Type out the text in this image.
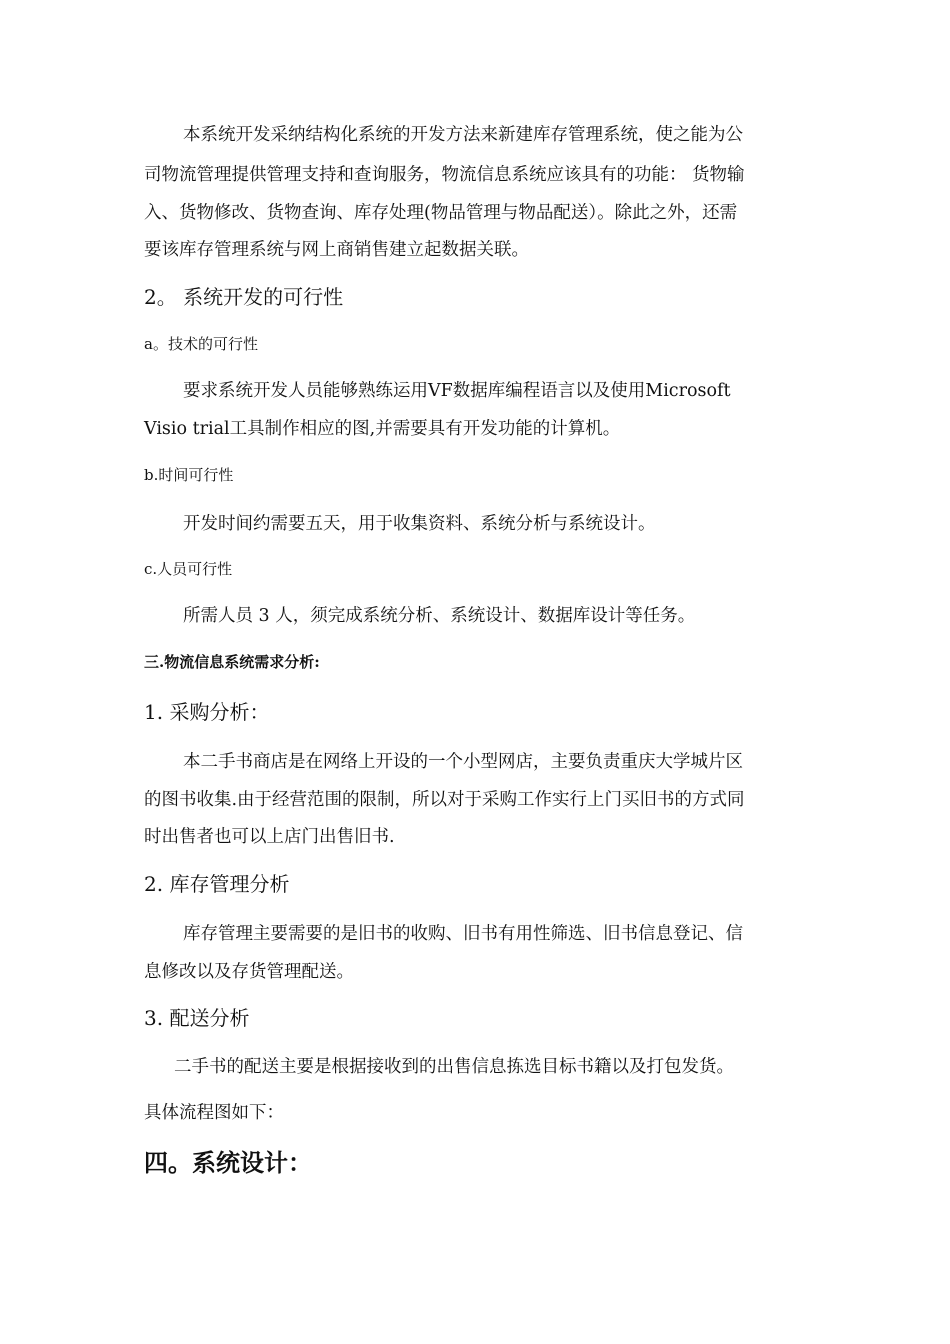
本系统开发采纳结构化系统的开发方法来新建库存管理系统，使之能为公
司物流管理提供管理支持和查询服务，物流信息系统应该具有的功能： 货物输
入、货物修改、货物查询、库存处理(物品管理与物品配送）。除此之外，还需
要该库存管理系统与网上商销售建立起数据关联。
2。 系统开发的可行性
a。技术的可行性
要求系统开发人员能够熟练运用VF数据库编程语言以及使用Microsoft
Visio trial工具制作相应的图,并需要具有开发功能的计算机。
b.时间可行性
开发时间约需要五天，用于收集资料、系统分析与系统设计。
c.人员可行性
所需人员 3 人，须完成系统分析、系统设计、数据库设计等任务。
三.物流信息系统需求分析:
1. 采购分析：
本二手书商店是在网络上开设的一个小型网店，主要负责重庆大学城片区
的图书收集.由于经营范围的限制，所以对于采购工作实行上门买旧书的方式同
时出售者也可以上店门出售旧书.
2. 库存管理分析
库存管理主要需要的是旧书的收购、旧书有用性筛选、旧书信息登记、信
息修改以及存货管理配送。
3. 配送分析
二手书的配送主要是根据接收到的出售信息拣选目标书籍以及打包发货。
具体流程图如下：
四。系统设计：
